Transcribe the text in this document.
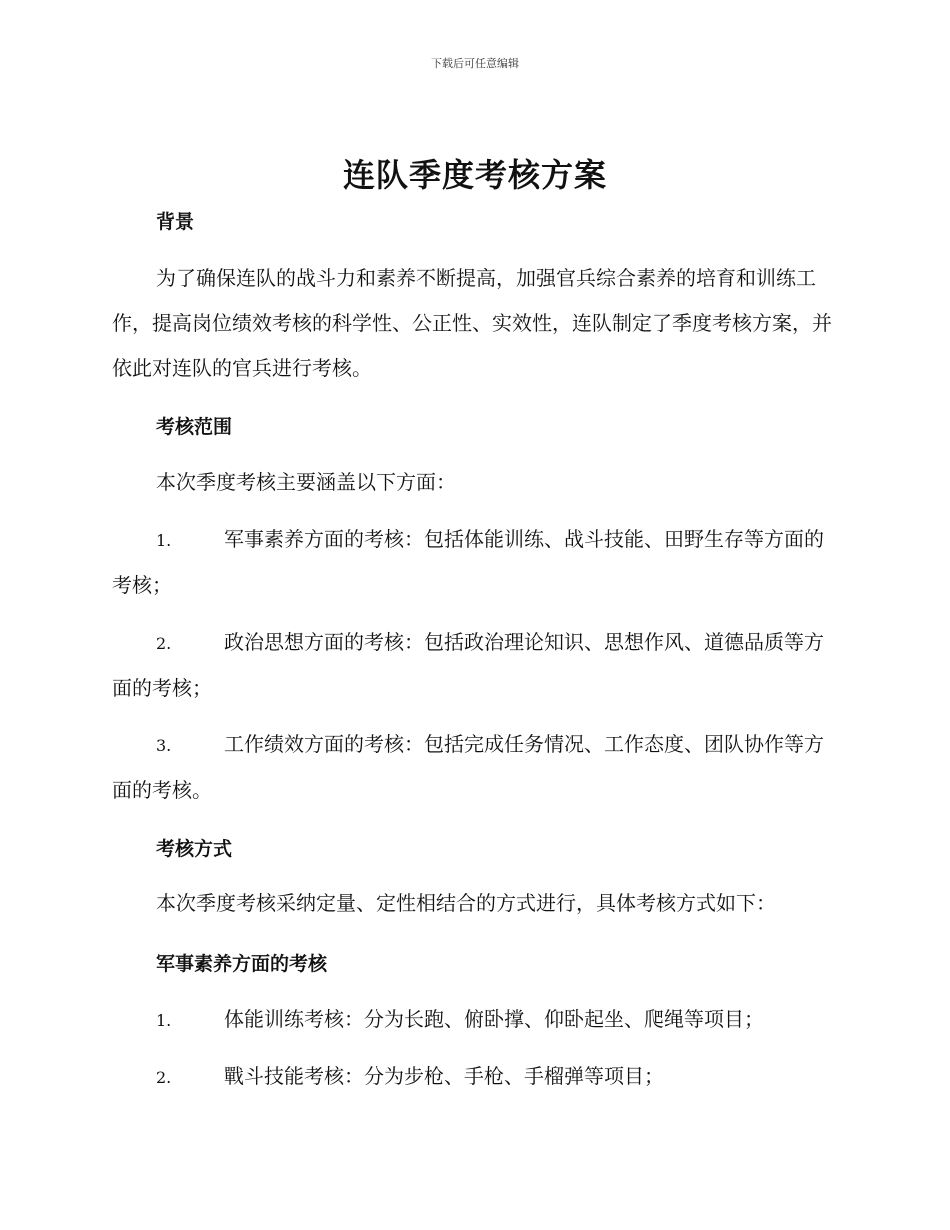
下载后可任意编辑
连队季度考核方案
背景
为了确保连队的战斗力和素养不断提高，加强官兵综合素养的培育和训练工作，提高岗位绩效考核的科学性、公正性、实效性，连队制定了季度考核方案，并依此对连队的官兵进行考核。
考核范围
本次季度考核主要涵盖以下方面：
1.	军事素养方面的考核：包括体能训练、战斗技能、田野生存等方面的考核；
2.	政治思想方面的考核：包括政治理论知识、思想作风、道德品质等方面的考核；
3.	工作绩效方面的考核：包括完成任务情况、工作态度、团队协作等方面的考核。
考核方式
本次季度考核采纳定量、定性相结合的方式进行，具体考核方式如下：
军事素养方面的考核
1.	体能训练考核：分为长跑、俯卧撑、仰卧起坐、爬绳等项目；
2.	戰斗技能考核：分为步枪、手枪、手榴弹等项目；
